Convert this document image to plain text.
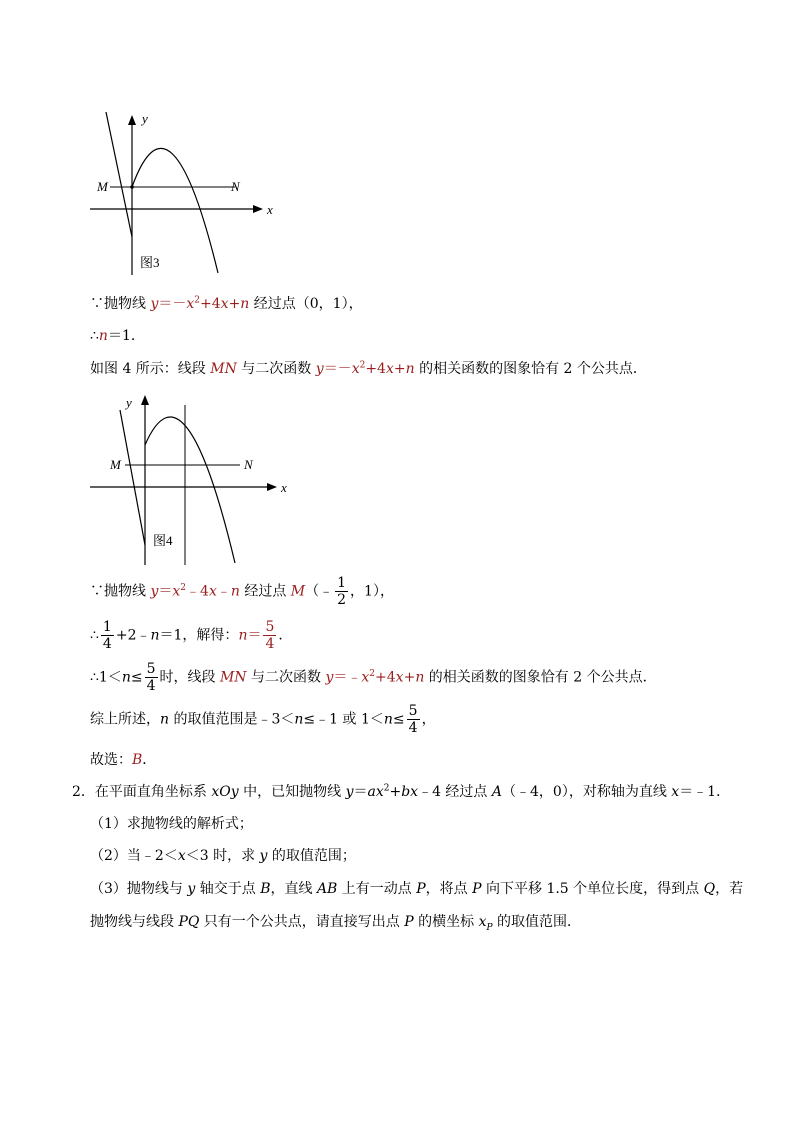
y
x
M	N
图3
∵抛物线 $y=-x^2+4x+n$ 经过点（0，1），
∴n＝1．
如图 4 所示：线段 MN 与二次函数 $y=-x^2+4x+n$ 的相关函数的图象恰有 2 个公共点．
y
x
M	N
图4
∵抛物线 $y=x^2﹣4x﹣n$ 经过点 M（﹣ $\frac{1}{2}$ ，1），
∴ $\frac{1}{4}$ +2﹣n＝1，解得：$n= \frac{5}{4}$ ．
∴1＜n≤ $\frac{5}{4}$ 时，线段 MN 与二次函数 $y=﹣x^2+4x+n$ 的相关函数的图象恰有 2 个公共点．
综上所述，n 的取值范围是﹣3＜n≤﹣1 或 $1<n\le \frac{5}{4}$ ，
故选：B．
2．在平面直角坐标系 xOy 中，已知抛物线 $y=ax^2+bx﹣4$ 经过点 A（﹣4，0），对称轴为直线 x＝﹣1．
（1）求抛物线的解析式；
（2）当﹣2＜x＜3 时，求 y 的取值范围；
（3）抛物线与 y 轴交于点 B，直线 AB 上有一动点 P，将点 P 向下平移 1.5 个单位长度，得到点 Q，若
抛物线与线段 PQ 只有一个公共点，请直接写出点 P 的横坐标 $x_P$ 的取值范围．
